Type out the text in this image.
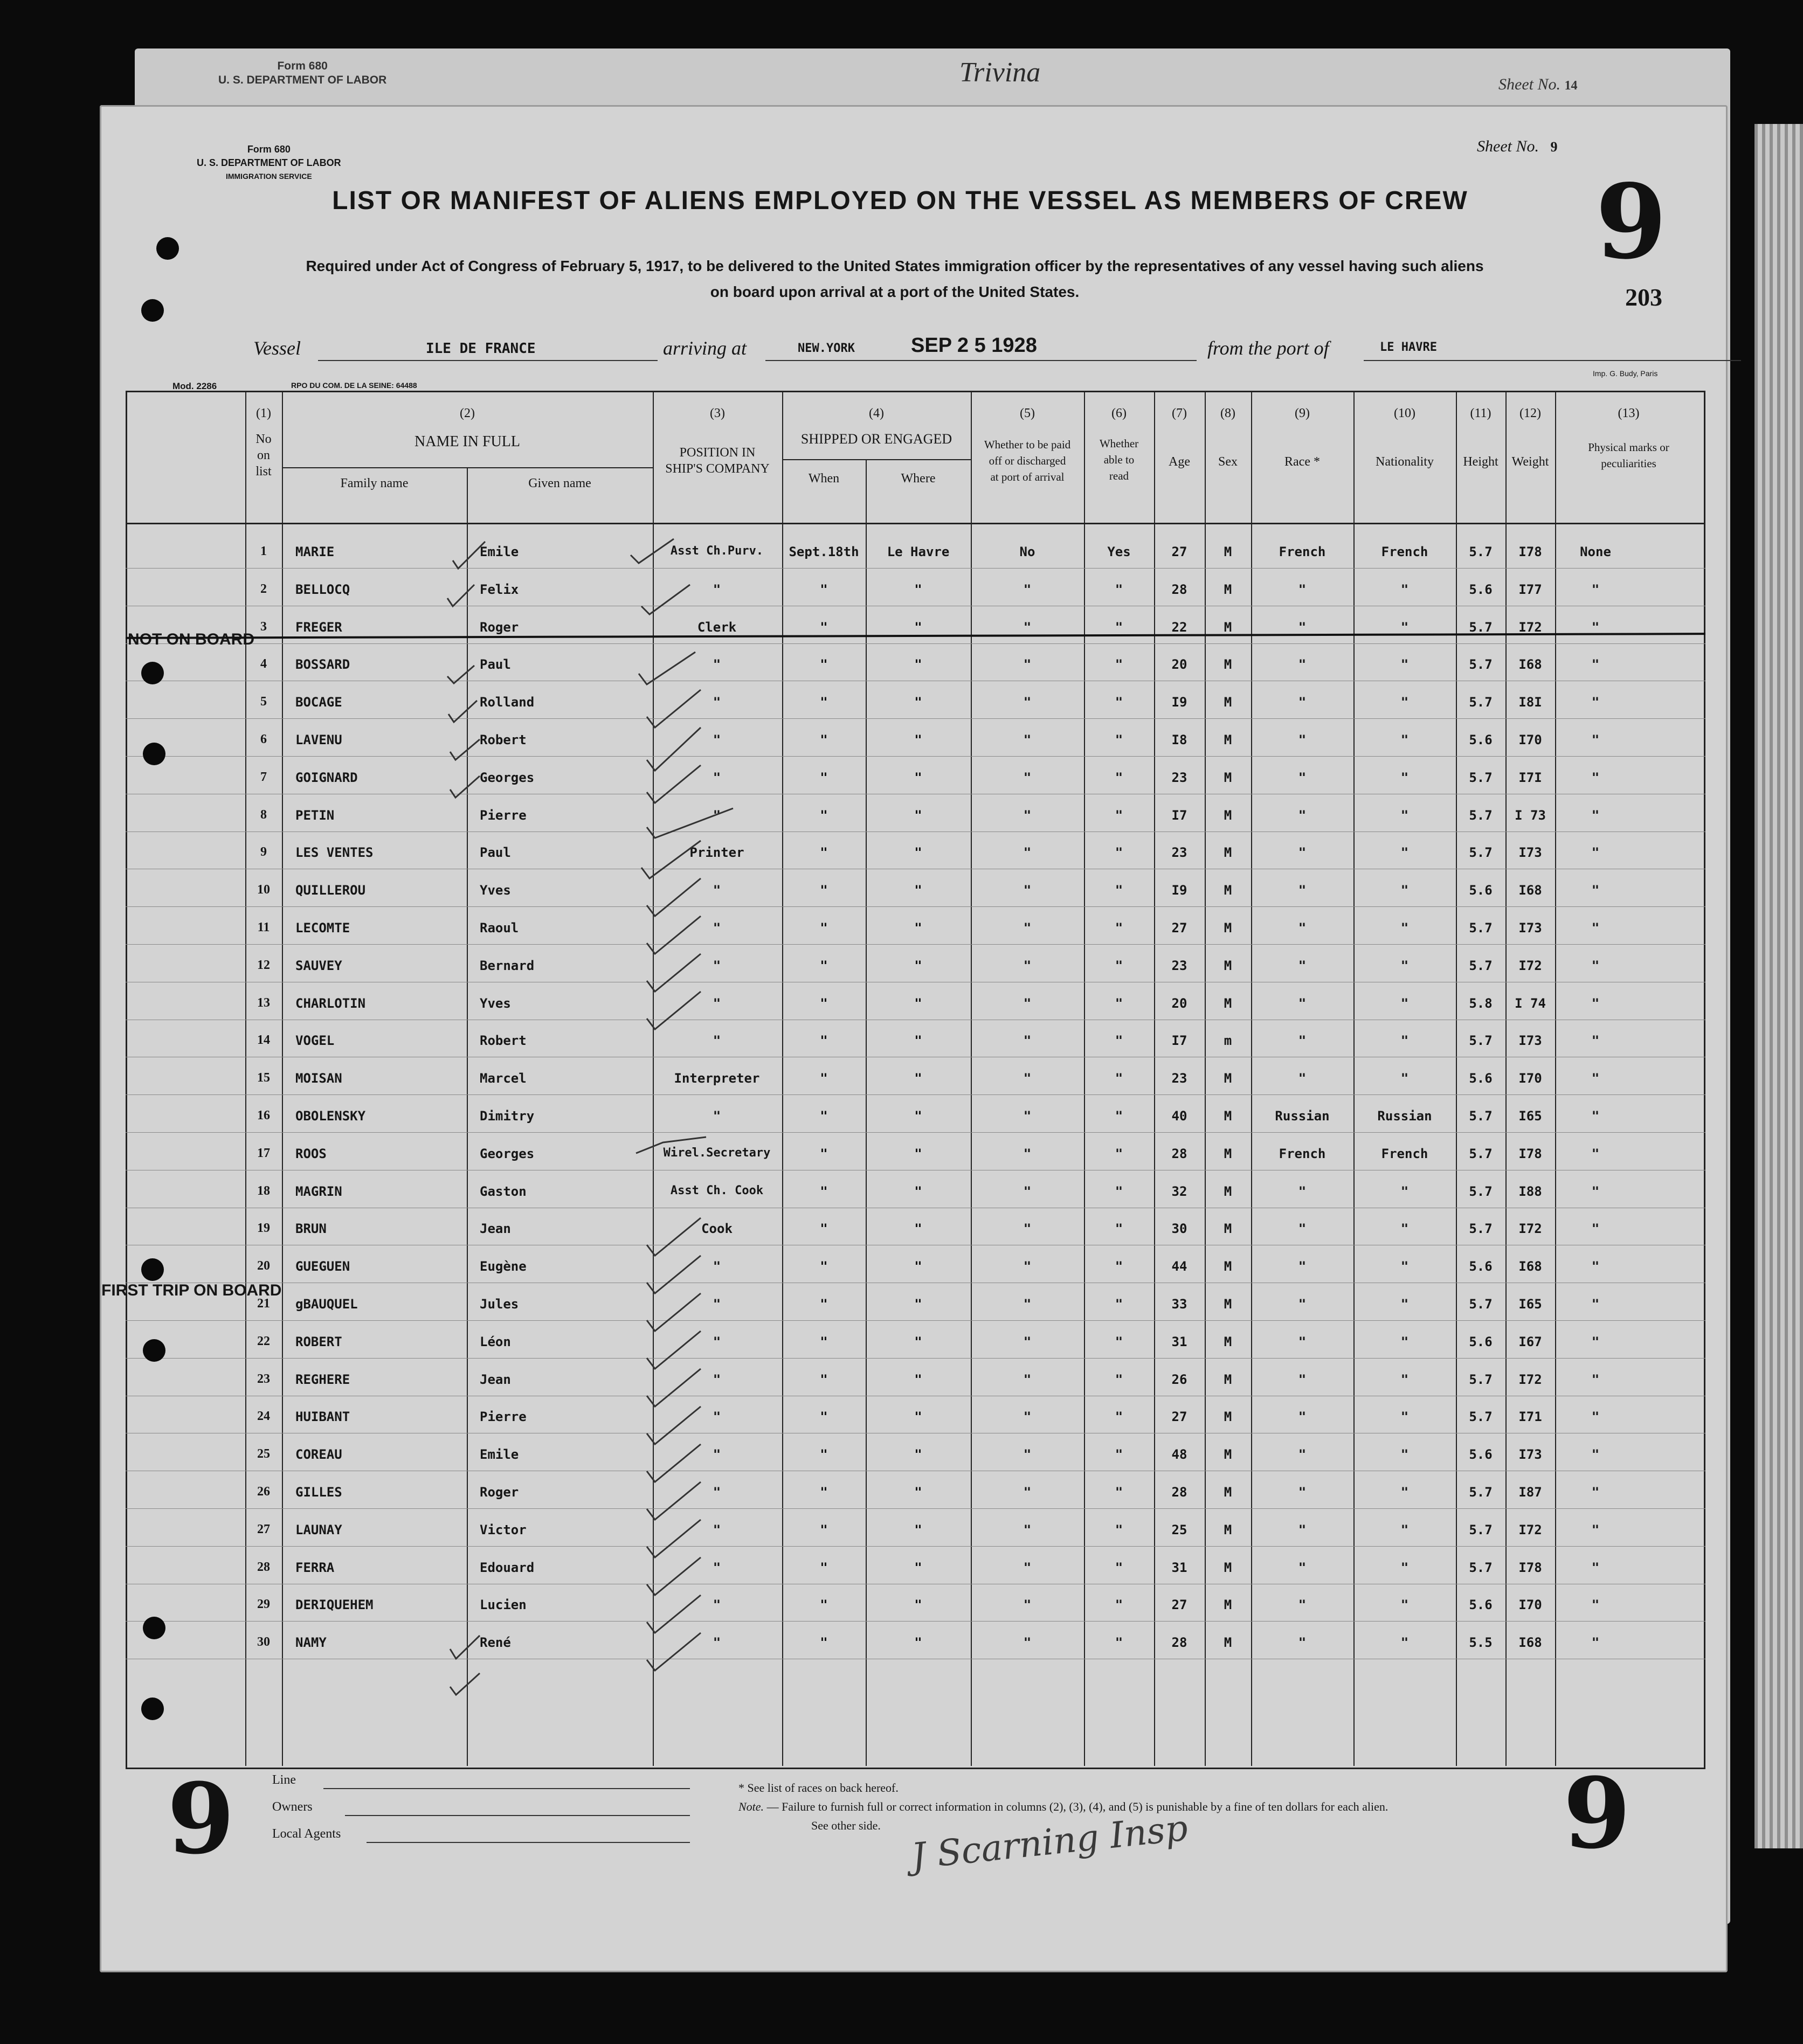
Form 680
U. S. DEPARTMENT OF LABOR	Trivina	Sheet No. 14
Form 680
U. S. DEPARTMENT OF LABOR
IMMIGRATION SERVICE
Sheet No. 9
9
LIST OR MANIFEST OF ALIENS EMPLOYED ON THE VESSEL AS MEMBERS OF CREW
Required under Act of Congress of February 5, 1917, to be delivered to the United States immigration officer by the representatives of any vessel having such aliens
on board upon arrival at a port of the United States.	203
Vessel	ILE DE FRANCE	arriving at	NEW.YORK	SEP 2 5 1928	from the port of	LE HAVRE
Mod. 2286	RPO DU COM. DE LA SEINE: 64488
Imp. G. Budy, Paris
(1)
No
on
list
(2)
NAME IN FULL
Family name	Given name
(3)
POSITION IN
SHIP'S COMPANY
(4)
SHIPPED OR ENGAGED
When	Where
(5)
Whether to be paid
off or discharged
at port of arrival
(6)
Whether
able to
read
(7)
Age
(8)
Sex
(9)
Race *
(10)
Nationality
(11)
Height
(12)
Weight
(13)
Physical marks or
peculiarities
1	MARIE	Emile	Asst Ch.Purv.	Sept.18th	Le Havre	No	Yes	27	M	French	French	5.7	I78	None
2	BELLOCQ	Felix	"	"	"	"	"	28	M	"	"	5.6	I77	"
3	FREGER	Roger	Clerk	"	"	"	"	22	M	"	"	5.7	I72	"
4	BOSSARD	Paul	"	"	"	"	"	20	M	"	"	5.7	I68	"
5	BOCAGE	Rolland	"	"	"	"	"	I9	M	"	"	5.7	I8I	"
6	LAVENU	Robert	"	"	"	"	"	I8	M	"	"	5.6	I70	"
7	GOIGNARD	Georges	"	"	"	"	"	23	M	"	"	5.7	I7I	"
8	PETIN	Pierre	"	"	"	"	"	I7	M	"	"	5.7	I 73	"
9	LES VENTES	Paul	Printer	"	"	"	"	23	M	"	"	5.7	I73	"
10	QUILLEROU	Yves	"	"	"	"	"	I9	M	"	"	5.6	I68	"
11	LECOMTE	Raoul	"	"	"	"	"	27	M	"	"	5.7	I73	"
12	SAUVEY	Bernard	"	"	"	"	"	23	M	"	"	5.7	I72	"
13	CHARLOTIN	Yves	"	"	"	"	"	20	M	"	"	5.8	I 74	"
14	VOGEL	Robert	"	"	"	"	"	I7	m	"	"	5.7	I73	"
15	MOISAN	Marcel	Interpreter	"	"	"	"	23	M	"	"	5.6	I70	"
16	OBOLENSKY	Dimitry	"	"	"	"	"	40	M	Russian	Russian	5.7	I65	"
17	ROOS	Georges	Wirel.Secretary	"	"	"	"	28	M	French	French	5.7	I78	"
18	MAGRIN	Gaston	Asst Ch. Cook	"	"	"	"	32	M	"	"	5.7	I88	"
19	BRUN	Jean	Cook	"	"	"	"	30	M	"	"	5.7	I72	"
20	GUEGUEN	Eugène	"	"	"	"	"	44	M	"	"	5.6	I68	"
21	gBAUQUEL	Jules	"	"	"	"	"	33	M	"	"	5.7	I65	"
22	ROBERT	Léon	"	"	"	"	"	31	M	"	"	5.6	I67	"
23	REGHERE	Jean	"	"	"	"	"	26	M	"	"	5.7	I72	"
24	HUIBANT	Pierre	"	"	"	"	"	27	M	"	"	5.7	I71	"
25	COREAU	Emile	"	"	"	"	"	48	M	"	"	5.6	I73	"
26	GILLES	Roger	"	"	"	"	"	28	M	"	"	5.7	I87	"
27	LAUNAY	Victor	"	"	"	"	"	25	M	"	"	5.7	I72	"
28	FERRA	Edouard	"	"	"	"	"	31	M	"	"	5.7	I78	"
29	DERIQUEHEM	Lucien	"	"	"	"	"	27	M	"	"	5.6	I70	"
30	NAMY	René	"	"	"	"	"	28	M	"	"	5.5	I68	"
NOT ON BOARD
FIRST TRIP ON BOARD
9	9
Line
Owners
Local Agents
* See list of races on back hereof.
Note. — Failure to furnish full or correct information in columns (2), (3), (4), and (5) is punishable by a fine of ten dollars for each alien.
See other side. J Scarning Insp
